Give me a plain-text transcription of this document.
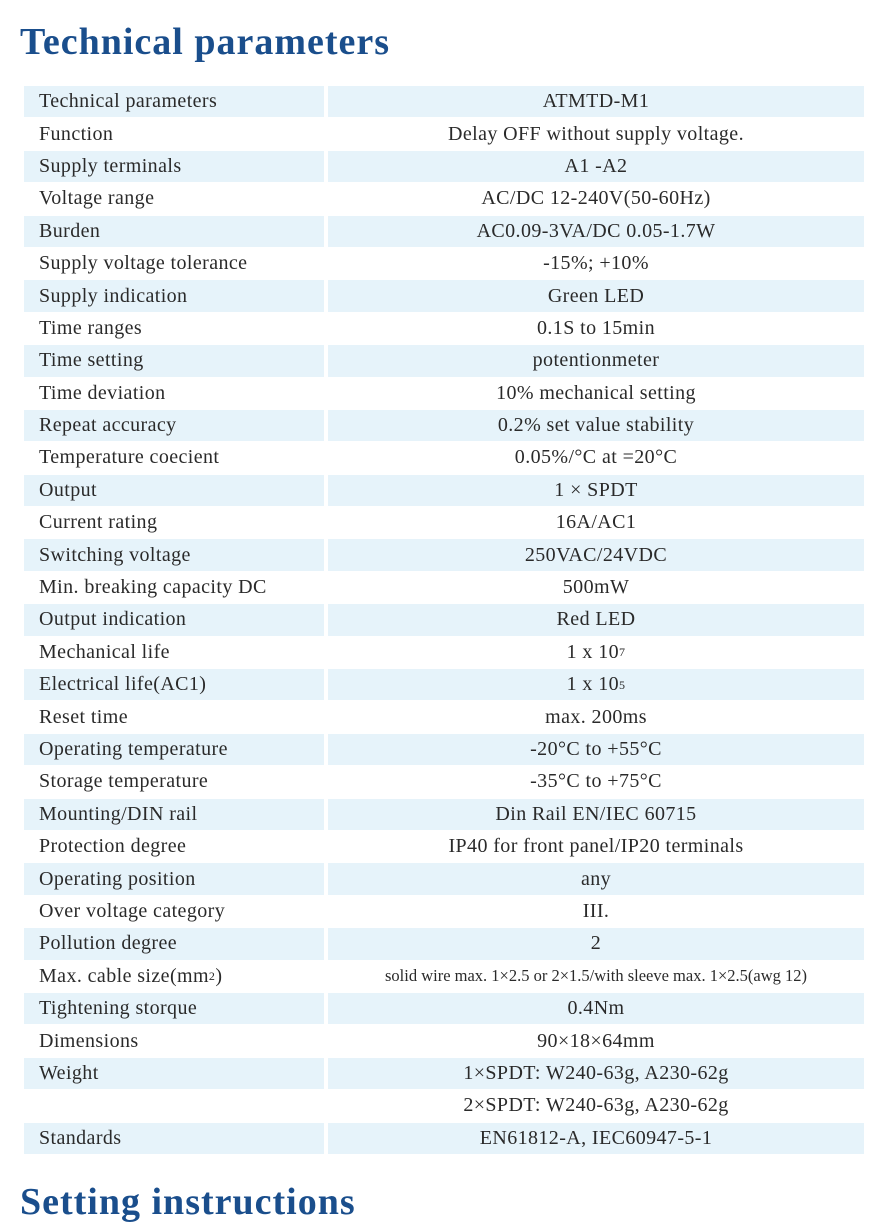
Technical parameters
Technical parameters	ATMTD-M1
Function	Delay OFF without supply voltage.
Supply terminals	A1 -A2
Voltage range	AC/DC 12-240V(50-60Hz)
Burden	AC0.09-3VA/DC 0.05-1.7W
Supply voltage tolerance	-15%; +10%
Supply indication	Green LED
Time ranges	0.1S to 15min
Time setting	potentionmeter
Time deviation	10% mechanical setting
Repeat accuracy	0.2% set value stability
Temperature coecient	0.05%/°C at =20°C
Output	1 × SPDT
Current rating	16A/AC1
Switching voltage	250VAC/24VDC
Min. breaking capacity DC	500mW
Output indication	Red LED
Mechanical life	1 x 10 7
Electrical life(AC1)	1 x 10 5
Reset time	max. 200ms
Operating temperature	-20°C to +55°C
Storage temperature	-35°C to +75°C
Mounting/DIN rail	Din Rail EN/IEC 60715
Protection degree	IP40 for front panel/IP20 terminals
Operating position	any
Over voltage category	III.
Pollution degree	2
Max. cable size(mm 2 )	solid wire max. 1×2.5 or 2×1.5/with sleeve max. 1×2.5(awg 12)
Tightening storque	0.4Nm
Dimensions	90×18×64mm
Weight	1×SPDT: W240-63g, A230-62g
2×SPDT: W240-63g, A230-62g
Standards	EN61812-A, IEC60947-5-1
Setting instructions
